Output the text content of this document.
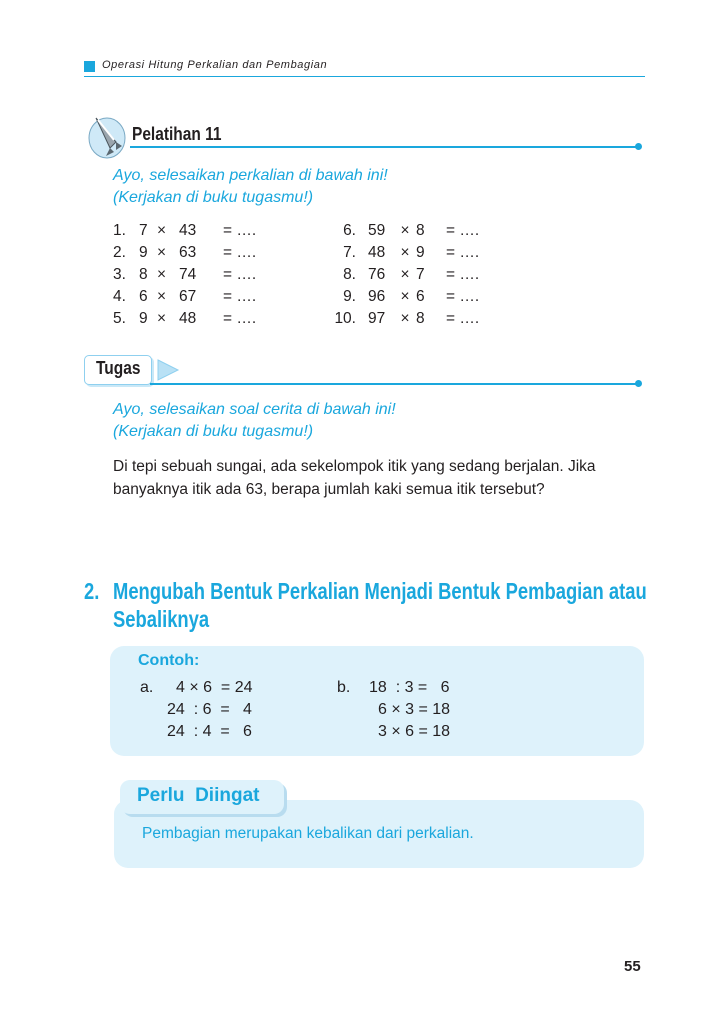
Operasi Hitung Perkalian dan Pembagian
Pelatihan 11
Ayo, selesaikan perkalian di bawah ini!
(Kerjakan di buku tugasmu!)
1. 7 × 43 = ….
2. 9 × 63 = ….
3. 8 × 74 = ….
4. 6 × 67 = ….
5. 9 × 48 = ….
6. 59 × 8 = ….
7. 48 × 9 = ….
8. 76 × 7 = ….
9. 96 × 6 = ….
10. 97 × 8 = ….
Tugas
Ayo, selesaikan soal cerita di bawah ini!
(Kerjakan di buku tugasmu!)
Di tepi sebuah sungai, ada sekelompok itik yang sedang berjalan. Jika
banyaknya itik ada 63, berapa jumlah kaki semua itik tersebut?
2. Mengubah Bentuk Perkalian Menjadi Bentuk Pembagian atau
Sebaliknya
Contoh:
a. 4 × 6  = 24
24  : 6  =   4
24  : 4  =   6
b. 18  : 3 =   6
6 × 3 = 18
3 × 6 = 18
Perlu  Diingat
Pembagian merupakan kebalikan dari perkalian.
55
